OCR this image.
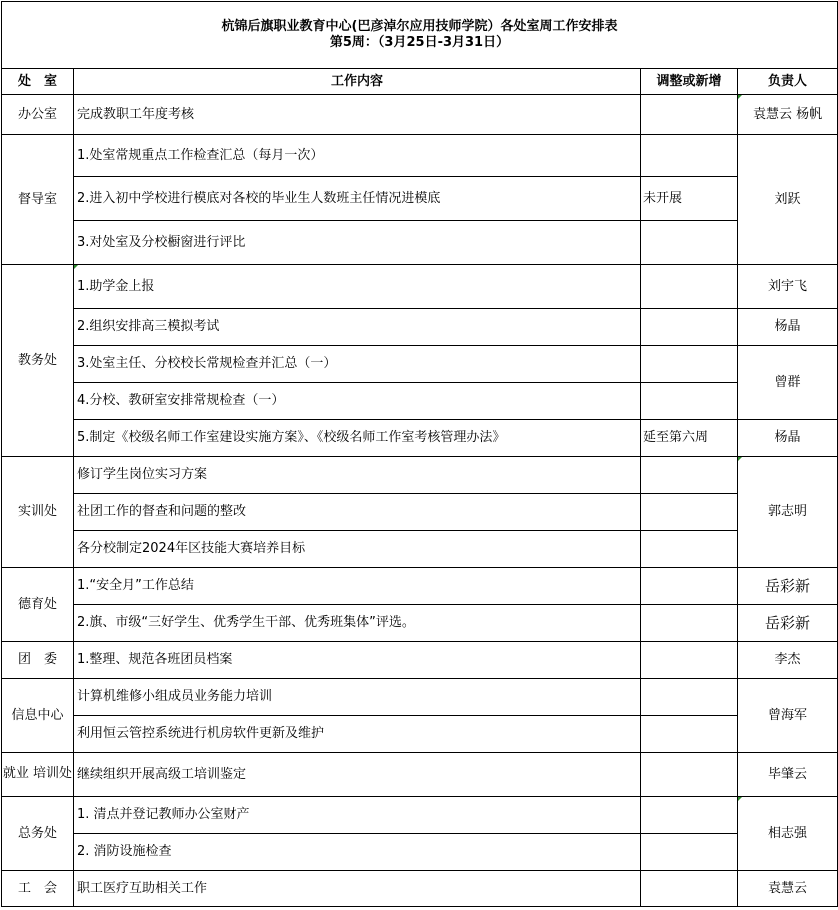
杭锦后旗职业教育中心(巴彦淖尔应用技师学院）各处室周工作安排表
第5周：（3月25日-3月31日）			

处　室	工作内容	调整或新增	负责人
办公室	完成教职工年度考核		袁慧云 杨帆
督导室	1.处室常规重点工作检查汇总（每月一次）		刘跃
	2.进入初中学校进行模底对各校的毕业生人数班主任情况进模底	未开展	
	3.对处室及分校橱窗进行评比		
教务处	1.助学金上报		刘宇飞
	2.组织安排高三模拟考试		杨晶
	3.处室主任、分校校长常规检查并汇总（一）		曾群
	4.分校、教研室安排常规检查（一）		
	5.制定《校级名师工作室建设实施方案》、《校级名师工作室考核管理办法》	延至第六周	杨晶
实训处	修订学生岗位实习方案		郭志明
	社团工作的督查和问题的整改		
	各分校制定2024年区技能大赛培养目标		
德育处	1.“安全月”工作总结		岳彩新
	2.旗、市级“三好学生、优秀学生干部、优秀班集体”评选。		岳彩新
团　委	1.整理、规范各班团员档案		李杰
信息中心	计算机维修小组成员业务能力培训		曾海军
	利用恒云管控系统进行机房软件更新及维护		
就业 培训处	继续组织开展高级工培训鉴定		毕肇云
总务处	1. 清点并登记教师办公室财产		相志强
	2. 消防设施检查		
工　会	职工医疗互助相关工作		袁慧云
